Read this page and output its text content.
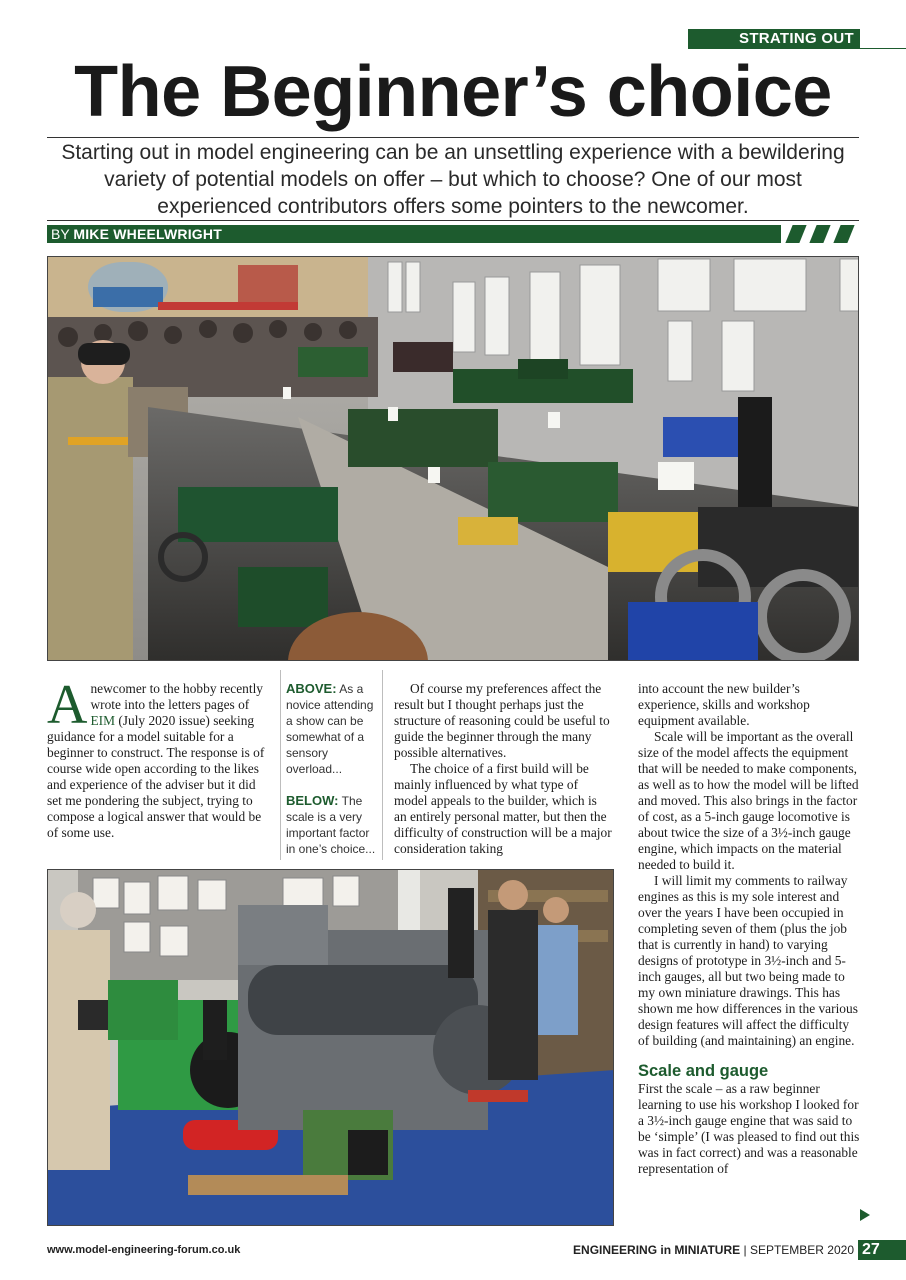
STRATING OUT
The Beginner’s choice
Starting out in model engineering can be an unsettling experience with a bewildering variety of potential models on offer – but which to choose? One of our most experienced contributors offers some pointers to the newcomer.
BY MIKE WHEELWRIGHT

Anewcomer to the hobby recently wrote into the letters pages of EIM (July 2020 issue) seeking guidance for a model suitable for a beginner to construct. The response is of course wide open according to the likes and experience of the adviser but it did set me pondering the subject, trying to compose a logical answer that would be of some use.

ABOVE: As a novice attending a show can be somewhat of a sensory overload...

BELOW: The scale is a very important factor in one’s choice...

Of course my preferences affect the result but I thought perhaps just the structure of reasoning could be useful to guide the beginner through the many possible alternatives.

The choice of a first build will be mainly influenced by what type of model appeals to the builder, which is an entirely personal matter, but then the difficulty of construction will be a major consideration taking

into account the new builder’s experience, skills and workshop equipment available.

Scale will be important as the overall size of the model affects the equipment that will be needed to make components, as well as to how the model will be lifted and moved. This also brings in the factor of cost, as a 5-inch gauge locomotive is about twice the size of a 3½-inch gauge engine, which impacts on the material needed to build it.

I will limit my comments to railway engines as this is my sole interest and over the years I have been occupied in completing seven of them (plus the job that is currently in hand) to varying designs of prototype in 3½-inch and 5-inch gauges, all but two being made to my own miniature drawings. This has shown me how differences in the various design features will affect the difficulty of building (and maintaining) an engine.

Scale and gauge

First the scale – as a raw beginner learning to use his workshop I looked for a 3½-inch gauge engine that was said to be ‘simple’ (I was pleased to find out this was in fact correct) and was a reasonable representation of

www.model-engineering-forum.co.uk	ENGINEERING in MINIATURE | SEPTEMBER 2020 27
